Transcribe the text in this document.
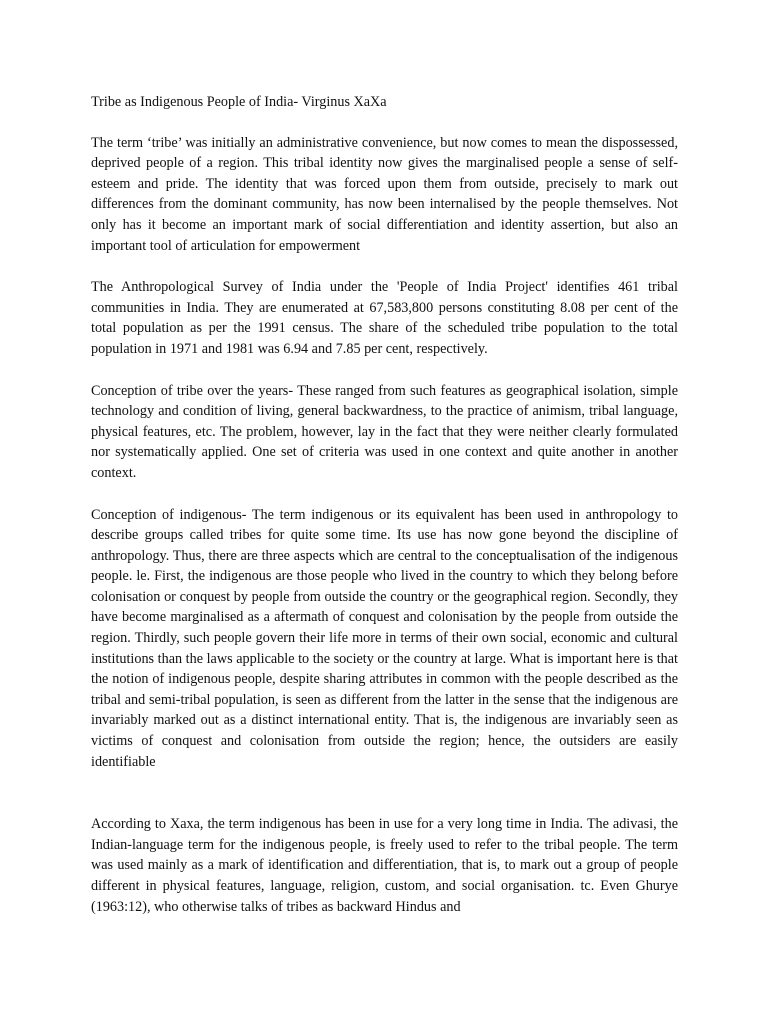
Tribe as Indigenous People of India- Virginus XaXa

The term ‘tribe’ was initially an administrative convenience, but now comes to mean the dispossessed, deprived people of a region. This tribal identity now gives the marginalised people a sense of self-esteem and pride. The identity that was forced upon them from outside, precisely to mark out differences from the dominant community, has now been internalised by the people themselves. Not only has it become an important mark of social differentiation and identity assertion, but also an important tool of articulation for empowerment

The Anthropological Survey of India under the 'People of India Project' identifies 461 tribal communities in India. They are enumerated at 67,583,800 persons constituting 8.08 per cent of the total population as per the 1991 census. The share of the scheduled tribe population to the total population in 1971 and 1981 was 6.94 and 7.85 per cent, respectively.

Conception of tribe over the years- These ranged from such features as geographical isolation, simple technology and condition of living, general backwardness, to the practice of animism, tribal language, physical features, etc. The problem, however, lay in the fact that they were neither clearly formulated nor systematically applied. One set of criteria was used in one context and quite another in another context.

Conception of indigenous- The term indigenous or its equivalent has been used in anthropology to describe groups called tribes for quite some time. Its use has now gone beyond the discipline of anthropology. Thus, there are three aspects which are central to the conceptualisation of the indigenous people. le. First, the indigenous are those people who lived in the country to which they belong before colonisation or conquest by people from outside the country or the geographical region. Secondly, they have become marginalised as a aftermath of conquest and colonisation by the people from outside the region. Thirdly, such people govern their life more in terms of their own social, economic and cultural institutions than the laws applicable to the society or the country at large. What is important here is that the notion of indigenous people, despite sharing attributes in common with the people described as the tribal and semi-tribal population, is seen as different from the latter in the sense that the indigenous are invariably marked out as a distinct international entity. That is, the indigenous are invariably seen as victims of conquest and colonisation from outside the region; hence, the outsiders are easily identifiable

According to Xaxa, the term indigenous has been in use for a very long time in India. The adivasi, the Indian-language term for the indigenous people, is freely used to refer to the tribal people. The term was used mainly as a mark of identification and differentiation, that is, to mark out a group of people different in physical features, language, religion, custom, and social organisation. tc. Even Ghurye (1963:12), who otherwise talks of tribes as backward Hindus and
